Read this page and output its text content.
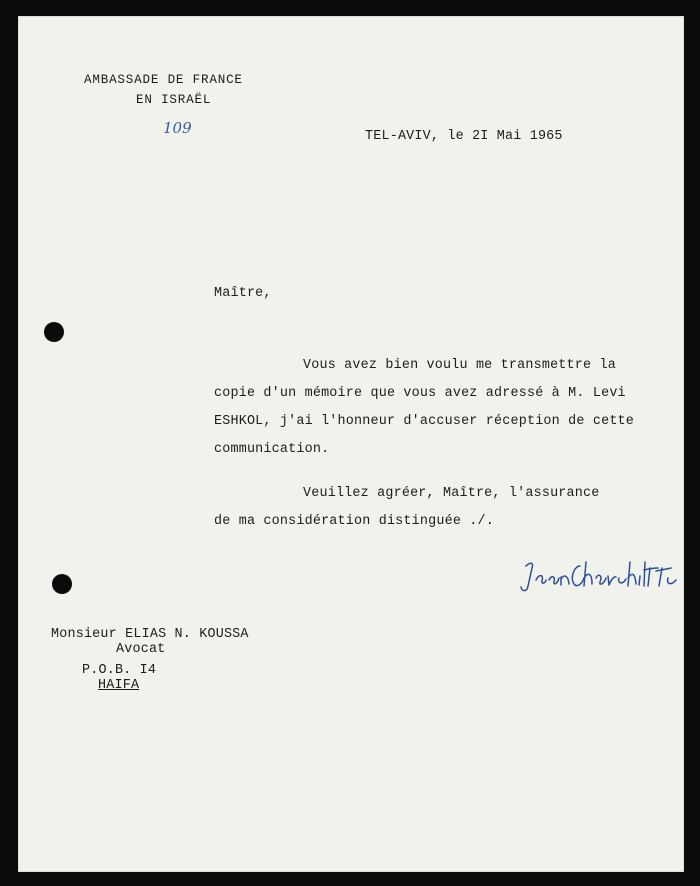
AMBASSADE DE FRANCE
EN ISRAËL
109	TEL-AVIV, le 2I Mai 1965
Maître,
Vous avez bien voulu me transmettre la
copie d'un mémoire que vous avez adressé à M. Levi
ESHKOL, j'ai l'honneur d'accuser réception de cette
communication.
Veuillez agréer, Maître, l'assurance
de ma considération distinguée ./.
Monsieur ELIAS N. KOUSSA
Avocat
P.O.B. I4
HAIFA
